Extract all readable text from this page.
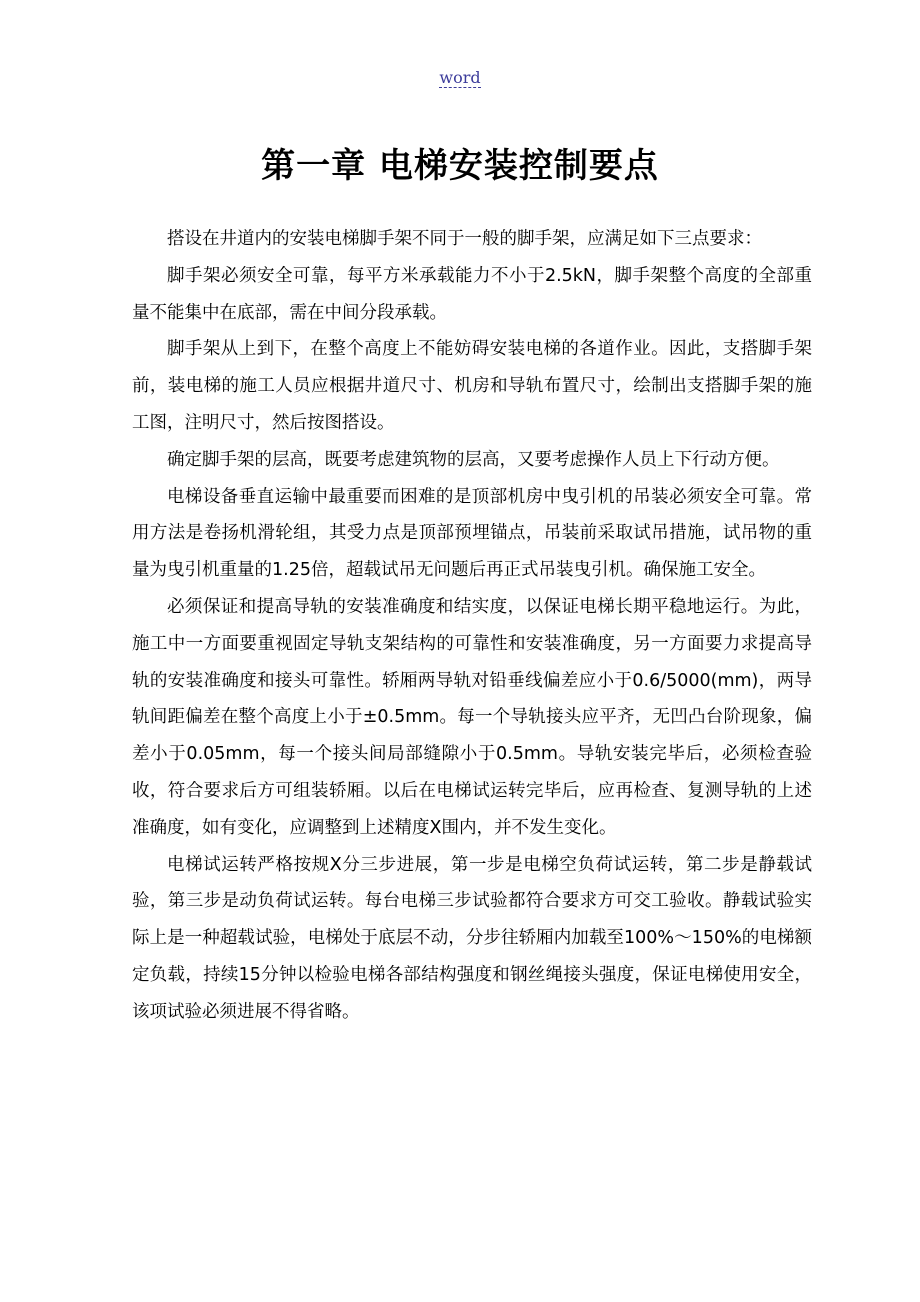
word
第一章 电梯安装控制要点

搭设在井道内的安装电梯脚手架不同于一般的脚手架，应满足如下三点要求：

脚手架必须安全可靠，每平方米承载能力不小于2.5kN，脚手架整个高度的全部重量不能集中在底部，需在中间分段承载。

脚手架从上到下，在整个高度上不能妨碍安装电梯的各道作业。因此，支搭脚手架前，装电梯的施工人员应根据井道尺寸、机房和导轨布置尺寸，绘制出支搭脚手架的施工图，注明尺寸，然后按图搭设。

确定脚手架的层高，既要考虑建筑物的层高，又要考虑操作人员上下行动方便。

电梯设备垂直运输中最重要而困难的是顶部机房中曳引机的吊装必须安全可靠。常用方法是卷扬机滑轮组，其受力点是顶部预埋锚点，吊装前采取试吊措施，试吊物的重量为曳引机重量的1.25倍，超载试吊无问题后再正式吊装曳引机。确保施工安全。

必须保证和提高导轨的安装准确度和结实度，以保证电梯长期平稳地运行。为此，施工中一方面要重视固定导轨支架结构的可靠性和安装准确度，另一方面要力求提高导轨的安装准确度和接头可靠性。轿厢两导轨对铅垂线偏差应小于0.6/5000(mm)，两导轨间距偏差在整个高度上小于±0.5mm。每一个导轨接头应平齐，无凹凸台阶现象，偏差小于0.05mm，每一个接头间局部缝隙小于0.5mm。导轨安装完毕后，必须检查验收，符合要求后方可组装轿厢。以后在电梯试运转完毕后，应再检查、复测导轨的上述准确度，如有变化，应调整到上述精度X围内，并不发生变化。

电梯试运转严格按规X分三步进展，第一步是电梯空负荷试运转，第二步是静载试验，第三步是动负荷试运转。每台电梯三步试验都符合要求方可交工验收。静载试验实际上是一种超载试验，电梯处于底层不动，分步往轿厢内加载至100%～150%的电梯额定负载，持续15分钟以检验电梯各部结构强度和钢丝绳接头强度，保证电梯使用安全，该项试验必须进展不得省略。
